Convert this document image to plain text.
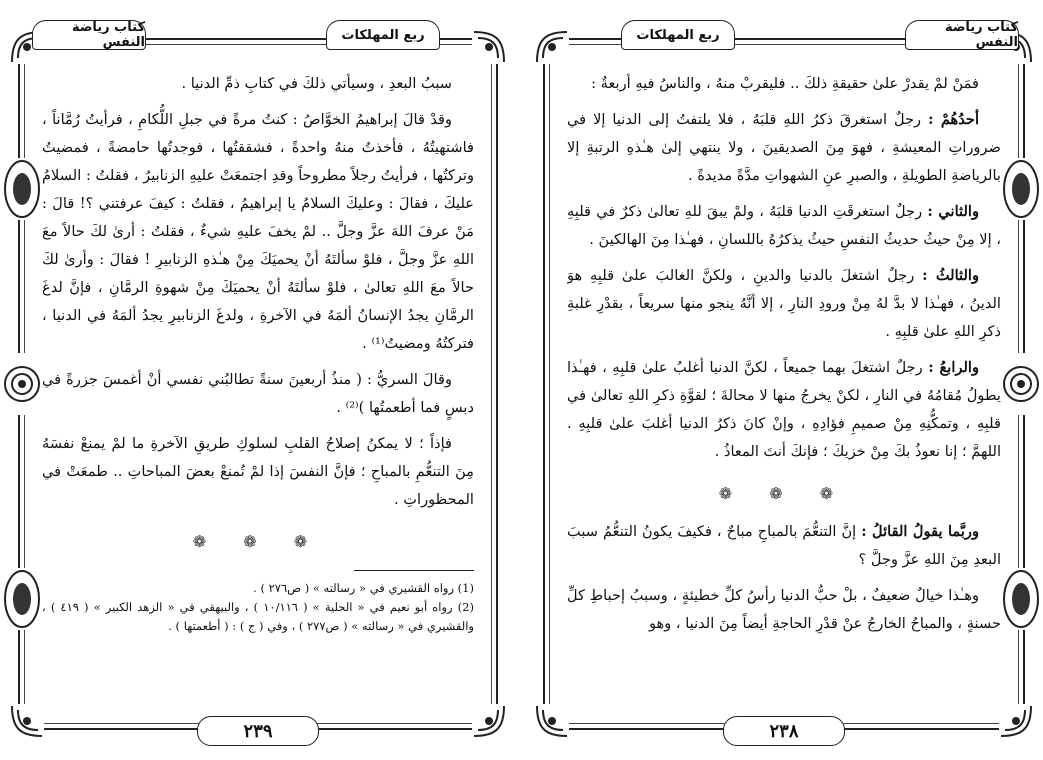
كتاب رياضة النفس	ربع المهلكات

سببُ البعدِ ، وسيأتي ذلكَ في كتابِ ذمِّ الدنيا .

وقدْ قالَ إبراهيمُ الخوَّاصُ : كنتُ مرةً في جبلِ اللُّكامِ ، فرأيتُ رُمَّاناً ، فاشتهيتُهُ ، فأخذتُ منهُ واحدةً ، فشققتُها ، فوجدتُها حامضةً ، فمضيتُ وتركتُها ، فرأيتُ رجلاً مطروحاً وقدِ اجتمعَتْ عليهِ الزنابيرُ ، فقلتُ : السلامُ عليكَ ، فقالَ : وعليكَ السلامُ يا إبراهيمُ ، فقلتُ : كيفَ عرفتني ؟! قالَ : مَنْ عرفَ اللهَ عزَّ وجلَّ .. لمْ يخفَ عليهِ شيءٌ ، فقلتُ : أرىٰ لكَ حالاً معَ اللهِ عزَّ وجلَّ ، فلوْ سألتَهُ أنْ يحميَكَ مِنْ هـٰذهِ الزنابيرِ ! فقالَ : وأرىٰ لكَ حالاً معَ اللهِ تعالىٰ ، فلوْ سألتَهُ أنْ يحميَكَ مِنْ شهوةِ الرمَّانِ ، فإنَّ لدغَ الرمَّانِ يجدُ الإنسانُ ألمَهُ في الآخرةِ ، ولدغَ الزنابيرِ يجدُ ألمَهُ في الدنيا ، فتركتُهُ ومضيتُ⁽¹⁾ .

وقالَ السريُّ : ( منذُ أربعينَ سنةً تطالبُني نفسي أنْ أغمسَ جزرةً في دبسٍ فما أطعمتُها )⁽²⁾ .

فإذاً ؛ لا يمكنُ إصلاحُ القلبِ لسلوكِ طريقِ الآخرةِ ما لمْ يمنعْ نفسَهُ مِنَ التنعُّمِ بالمباحِ ؛ فإنَّ النفسَ إذا لمْ تُمنعْ بعضَ المباحاتِ .. طمعَتْ في المحظوراتِ .

❁ ❁ ❁

(1) رواه القشيري في « رسالته » ( ص٢٧٦ ) .

(2) رواه أبو نعيم في « الحلية » ( ١٠/١١٦ ) ، والبيهقي في « الزهد الكبير » ( ٤١٩ ) ، والقشيري في « رسالته » ( ص٢٧٧ ) ، وفي ( ج ) : ( أطعمتها ) .

٢٣٩
ربع المهلكات	كتاب رياضة النفس

فمَنْ لمْ يقدرْ علىٰ حقيقةِ ذلكَ .. فليقربْ منهُ ، والناسُ فيهِ أربعةٌ :

أحدُهُمْ : رجلٌ استغرقَ ذكرُ اللهِ قلبَهُ ، فلا يلتفتُ إلى الدنيا إلا في ضروراتِ المعيشةِ ، فهوَ مِنَ الصديقينَ ، ولا ينتهي إلىٰ هـٰذهِ الرتبةِ إلا بالرياضةِ الطويلةِ ، والصبرِ عنِ الشهواتِ مدَّةً مديدةً .

والثاني : رجلٌ استغرقَتِ الدنيا قلبَهُ ، ولمْ يبقَ للهِ تعالىٰ ذكرٌ في قلبِهِ ، إلا مِنْ حيثُ حديثُ النفسِ حيثُ يذكرُهُ باللسانِ ، فهـٰذا مِنَ الهالكينَ .

والثالثُ : رجلٌ اشتغلَ بالدنيا والدينِ ، ولكنَّ الغالبَ علىٰ قلبِهِ هوَ الدينُ ، فهـٰذا لا بدَّ لهُ مِنْ ورودِ النارِ ، إلا أنَّهُ ينجو منها سريعاً ، بقدْرِ غلبةِ ذكرِ اللهِ علىٰ قلبِهِ .

والرابعُ : رجلٌ اشتغلَ بهما جميعاً ، لكنَّ الدنيا أغلبُ علىٰ قلبِهِ ، فهـٰذا يطولُ مُقامُهُ في النارِ ، لكنْ يخرجُ منها لا محالةَ ؛ لقوَّةِ ذكرِ اللهِ تعالىٰ في قلبِهِ ، وتمكُّنِهِ مِنْ صميمِ فؤادِهِ ، وإنْ كانَ ذكرُ الدنيا أغلبَ علىٰ قلبِهِ . اللهمَّ ؛ إنا نعوذُ بكَ مِنْ خزيكَ ؛ فإنكَ أنتَ المعاذُ .

❁ ❁ ❁

وربَّما يقولُ القائلُ : إنَّ التنعُّمَ بالمباحِ مباحٌ ، فكيفَ يكونُ التنعُّمُ سببَ البعدِ مِنَ اللهِ عزَّ وجلَّ ؟

وهـٰذا خيالٌ ضعيفٌ ، بلْ حبُّ الدنيا رأسُ كلِّ خطيئةٍ ، وسببُ إحباطِ كلِّ حسنةٍ ، والمباحُ الخارجُ عنْ قدْرِ الحاجةِ أيضاً مِنَ الدنيا ، وهو

٢٣٨
